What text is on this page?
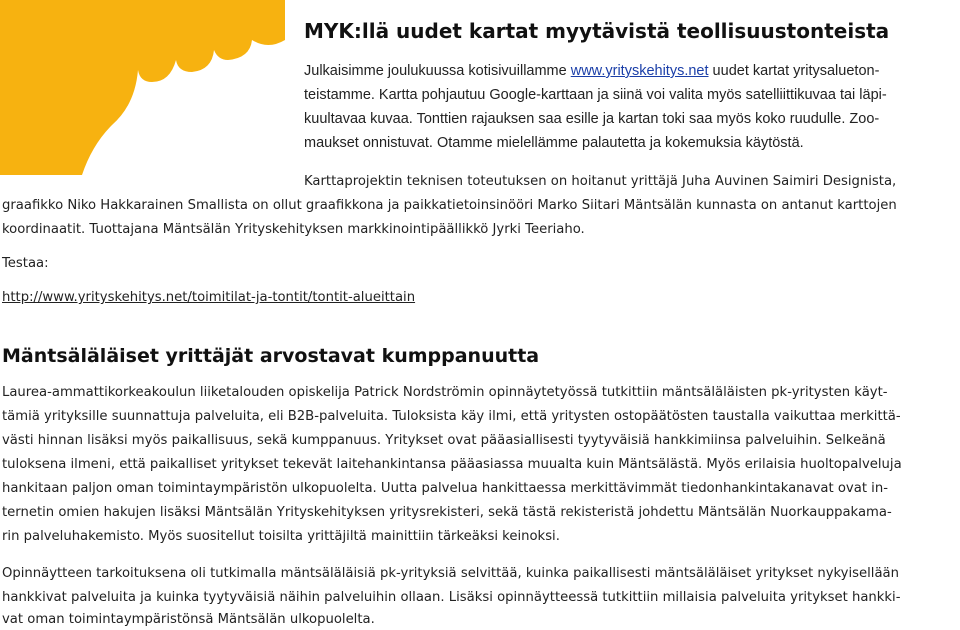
MYK:llä uudet kartat myytävistä teollisuustonteista

Julkaisimme joulukuussa kotisivuillamme www.yrityskehitys.net uudet kartat yritysalueton-

teistamme. Kartta pohjautuu Google-karttaan ja siinä voi valita myös satelliittikuvaa tai läpi-

kuultavaa kuvaa. Tonttien rajauksen saa esille ja kartan toki saa myös koko ruudulle. Zoo-

maukset onnistuvat. Otamme mielellämme palautetta ja kokemuksia käytöstä.

Karttaprojektin teknisen toteutuksen on hoitanut yrittäjä Juha Auvinen Saimiri Designista,

graafikko Niko Hakkarainen Smallista on ollut graafikkona ja paikkatietoinsinööri Marko Siitari Mäntsälän kunnasta on antanut karttojen

koordinaatit. Tuottajana Mäntsälän Yrityskehityksen markkinointipäällikkö Jyrki Teeriaho.

Testaa:

http://www.yrityskehitys.net/toimitilat-ja-tontit/tontit-alueittain
Mäntsäläläiset yrittäjät arvostavat kumppanuutta

Laurea-ammattikorkeakoulun liiketalouden opiskelija Patrick Nordströmin opinnäytetyössä tutkittiin mäntsäläläisten pk-yritysten käyt-

tämiä yrityksille suunnattuja palveluita, eli B2B-palveluita. Tuloksista käy ilmi, että yritysten ostopäätösten taustalla vaikuttaa merkittä-

västi hinnan lisäksi myös paikallisuus, sekä kumppanuus. Yritykset ovat pääasiallisesti tyytyväisiä hankkimiinsa palveluihin. Selkeänä

tuloksena ilmeni, että paikalliset yritykset tekevät laitehankintansa pääasiassa muualta kuin Mäntsälästä. Myös erilaisia huoltopalveluja

hankitaan paljon oman toimintaympäristön ulkopuolelta. Uutta palvelua hankittaessa merkittävimmät tiedonhankintakanavat ovat in-

ternetin omien hakujen lisäksi Mäntsälän Yrityskehityksen yritysrekisteri, sekä tästä rekisteristä johdettu Mäntsälän Nuorkauppakama-

rin palveluhakemisto. Myös suositellut toisilta yrittäjiltä mainittiin tärkeäksi keinoksi.

Opinnäytteen tarkoituksena oli tutkimalla mäntsäläläisiä pk-yrityksiä selvittää, kuinka paikallisesti mäntsäläläiset yritykset nykyisellään

hankkivat palveluita ja kuinka tyytyväisiä näihin palveluihin ollaan. Lisäksi opinnäytteessä tutkittiin millaisia palveluita yritykset hankki-

vat oman toimintaympäristönsä Mäntsälän ulkopuolelta.
